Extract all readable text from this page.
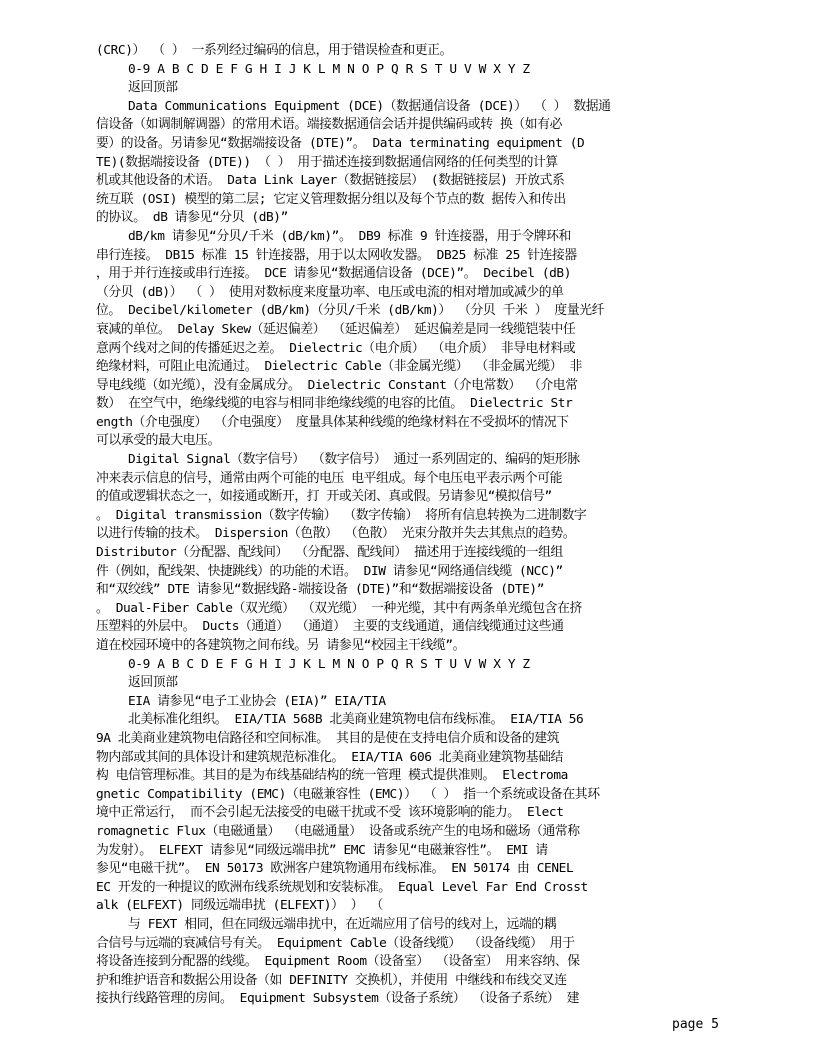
(CRC)） （ ） 一系列经过编码的信息，用于错误检查和更正。
0-9 A B C D E F G H I J K L M N O P Q R S T U V W X Y Z
返回顶部
Data Communications Equipment (DCE)（数据通信设备 (DCE)） （ ） 数据通
信设备（如调制解调器）的常用术语。端接数据通信会话并提供编码或转 换（如有必
要）的设备。另请参见“数据端接设备 (DTE)”。 Data terminating equipment (D
TE)(数据端接设备 (DTE)) （ ） 用于描述连接到数据通信网络的任何类型的计算
机或其他设备的术语。 Data Link Layer（数据链接层） (数据链接层) 开放式系
统互联 (OSI) 模型的第二层; 它定义管理数据分组以及每个节点的数 据传入和传出
的协议。 dB 请参见“分贝 (dB)”
dB/km 请参见“分贝/千米 (dB/km)”。 DB9 标准 9 针连接器，用于令牌环和
串行连接。 DB15 标准 15 针连接器，用于以太网收发器。 DB25 标准 25 针连接器
，用于并行连接或串行连接。 DCE 请参见“数据通信设备 (DCE)”。 Decibel (dB)
（分贝 (dB)） （ ） 使用对数标度来度量功率、电压或电流的相对增加或减少的单
位。 Decibel/kilometer (dB/km)（分贝/千米 (dB/km)） （分贝 千米 ） 度量光纤
衰减的单位。 Delay Skew（延迟偏差） （延迟偏差） 延迟偏差是同一线缆铠装中任
意两个线对之间的传播延迟之差。 Dielectric（电介质） （电介质） 非导电材料或
绝缘材料，可阻止电流通过。 Dielectric Cable（非金属光缆） （非金属光缆） 非
导电线缆（如光缆），没有金属成分。 Dielectric Constant（介电常数） （介电常
数） 在空气中，绝缘线缆的电容与相同非绝缘线缆的电容的比值。 Dielectric Str
ength（介电强度） （介电强度） 度量具体某种线缆的绝缘材料在不受损坏的情况下
可以承受的最大电压。
Digital Signal（数字信号） （数字信号） 通过一系列固定的、编码的矩形脉
冲来表示信息的信号，通常由两个可能的电压 电平组成。每个电压电平表示两个可能
的值或逻辑状态之一，如接通或断开，打 开或关闭、真或假。另请参见“模拟信号”
。 Digital transmission（数字传输） （数字传输） 将所有信息转换为二进制数字
以进行传输的技术。 Dispersion（色散） （色散） 光束分散并失去其焦点的趋势。
Distributor（分配器、配线间） （分配器、配线间） 描述用于连接线缆的一组组
件（例如，配线架、快捷跳线）的功能的术语。 DIW 请参见“网络通信线缆 (NCC)”
和“双绞线” DTE 请参见“数据线路-端接设备 (DTE)”和“数据端接设备 (DTE)”
。 Dual-Fiber Cable（双光缆） （双光缆） 一种光缆，其中有两条单光缆包含在挤
压塑料的外层中。 Ducts（通道） （通道） 主要的支线通道，通信线缆通过这些通
道在校园环境中的各建筑物之间布线。另 请参见“校园主干线缆”。
0-9 A B C D E F G H I J K L M N O P Q R S T U V W X Y Z
返回顶部
EIA 请参见“电子工业协会 (EIA)” EIA/TIA
北美标准化组织。 EIA/TIA 568B 北美商业建筑物电信布线标准。 EIA/TIA 56
9A 北美商业建筑物电信路径和空间标准。 其目的是使在支持电信介质和设备的建筑
物内部或其间的具体设计和建筑规范标准化。 EIA/TIA 606 北美商业建筑物基础结
构 电信管理标准。其目的是为布线基础结构的统一管理 模式提供准则。 Electroma
gnetic Compatibility (EMC)（电磁兼容性 (EMC)） （ ） 指一个系统或设备在其环
境中正常运行， 而不会引起无法接受的电磁干扰或不受 该环境影响的能力。 Elect
romagnetic Flux（电磁通量） （电磁通量） 设备或系统产生的电场和磁场（通常称
为发射）。 ELFEXT 请参见“同级远端串扰” EMC 请参见“电磁兼容性”。 EMI 请
参见“电磁干扰”。 EN 50173 欧洲客户建筑物通用布线标准。 EN 50174 由 CENEL
EC 开发的一种提议的欧洲布线系统规划和安装标准。 Equal Level Far End Crosst
alk (ELFEXT) 同级远端串扰 (ELFEXT)） ） （
与 FEXT 相同，但在同级远端串扰中，在近端应用了信号的线对上，远端的耦
合信号与远端的衰减信号有关。 Equipment Cable（设备线缆） （设备线缆） 用于
将设备连接到分配器的线缆。 Equipment Room（设备室） （设备室） 用来容纳、保
护和维护语音和数据公用设备（如 DEFINITY 交换机），并使用 中继线和布线交叉连
接执行线路管理的房间。 Equipment Subsystem（设备子系统） （设备子系统） 建
page 5
